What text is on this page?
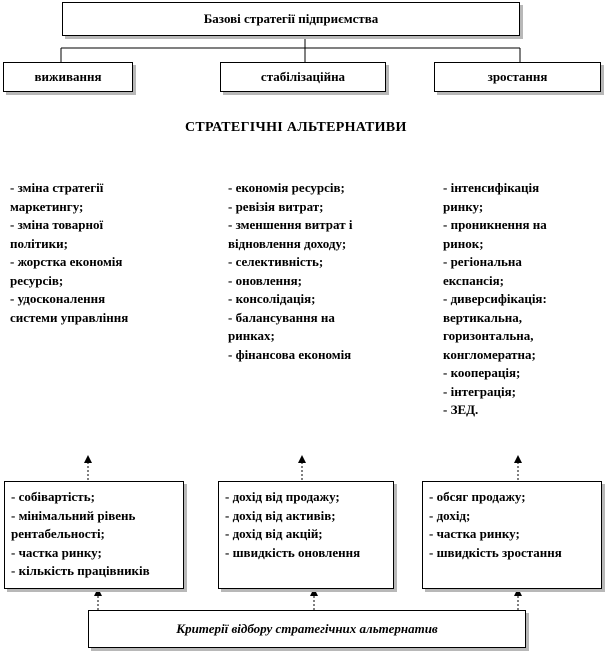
Базові стратегії підприємства
виживання	стабілізаційна	зростання
СТРАТЕГІЧНІ АЛЬТЕРНАТИВИ
- зміна стратегії
маркетингу;
- зміна товарної
політики;
- жорстка економія
ресурсів;
- удосконалення
системи управління
- економія ресурсів;
- ревізія витрат;
- зменшення витрат і
відновлення доходу;
- селективність;
- оновлення;
- консолідація;
- балансування на
ринках;
- фінансова економія
- інтенсифікація
ринку;
- проникнення на
ринок;
- регіональна
експансія;
- диверсифікація:
вертикальна,
горизонтальна,
конгломератна;
- кооперація;
- інтеграція;
- ЗЕД.
- собівартість;
- мінімальний рівень
рентабельності;
- частка ринку;
- кількість працівників
- дохід від продажу;
- дохід від активів;
- дохід від акцій;
- швидкість оновлення
- обсяг продажу;
- дохід;
- частка ринку;
- швидкість зростання
Критерії відбору стратегічних альтернатив
